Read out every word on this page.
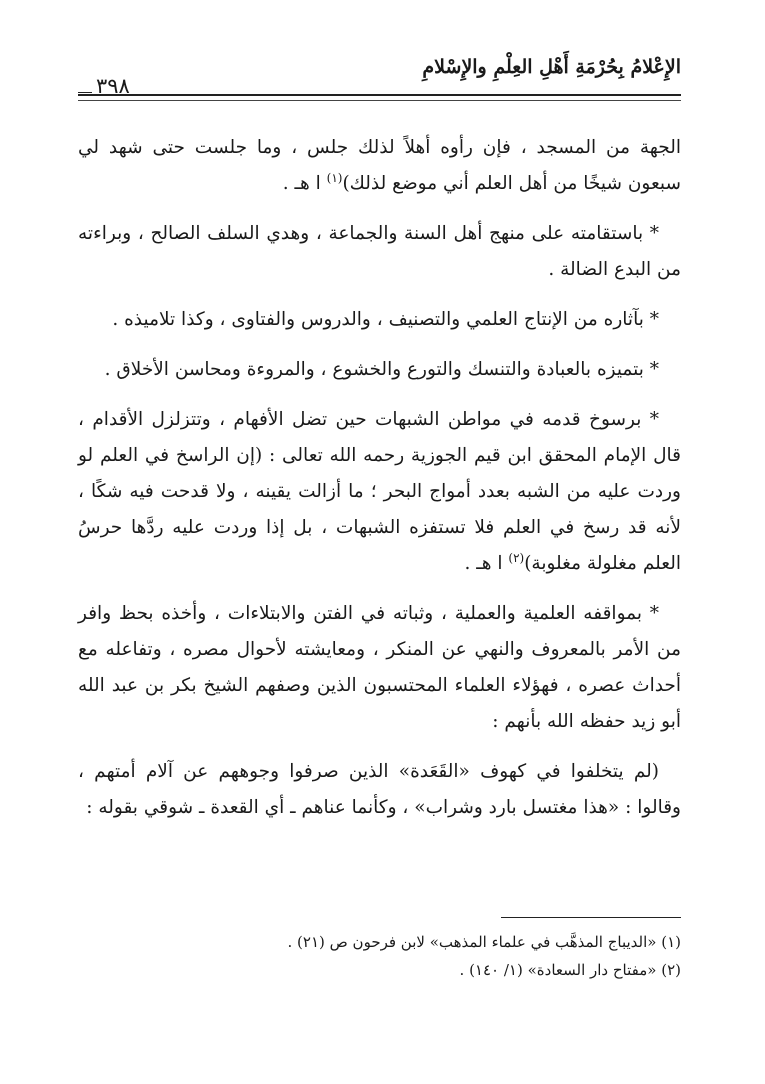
الإِعْلامُ بِحُرْمَةِ أَهْلِ العِلْمِ والإِسْلامِ
٣٩٨

الجهة من المسجد ، فإن رأوه أهلاً لذلك جلس ، وما جلست حتى شهد لي سبعون شيخًا من أهل العلم أني موضع لذلك)$^{(١)}$ ا هـ .

* باستقامته على منهج أهل السنة والجماعة ، وهدي السلف الصالح ، وبراءته من البدع الضالة .

* بآثاره من الإنتاج العلمي والتصنيف ، والدروس والفتاوى ، وكذا تلاميذه .

* بتميزه بالعبادة والتنسك والتورع والخشوع ، والمروءة ومحاسن الأخلاق .

* برسوخ قدمه في مواطن الشبهات حين تضل الأفهام ، وتتزلزل الأقدام ، قال الإمام المحقق ابن قيم الجوزية رحمه الله تعالى : (إن الراسخ في العلم لو وردت عليه من الشبه بعدد أمواج البحر ؛ ما أزالت يقينه ، ولا قدحت فيه شكًا ، لأنه قد رسخ في العلم فلا تستفزه الشبهات ، بل إذا وردت عليه ردَّها حرسُ العلم مغلولة مغلوبة)$^{(٢)}$ ا هـ .

* بمواقفه العلمية والعملية ، وثباته في الفتن والابتلاءات ، وأخذه بحظ وافر من الأمر بالمعروف والنهي عن المنكر ، ومعايشته لأحوال مصره ، وتفاعله مع أحداث عصره ، فهؤلاء العلماء المحتسبون الذين وصفهم الشيخ بكر بن عبد الله أبو زيد حفظه الله بأنهم :

(لم يتخلفوا في كهوف «القَعَدة» الذين صرفوا وجوههم عن آلام أمتهم ، وقالوا : «هذا مغتسل بارد وشراب» ، وكأنما عناهم ـ أي القعدة ـ شوقي بقوله :

(١) «الديباج المذهَّب في علماء المذهب» لابن فرحون ص (٢١) .

(٢) «مفتاح دار السعادة» (١/ ١٤٠) .
